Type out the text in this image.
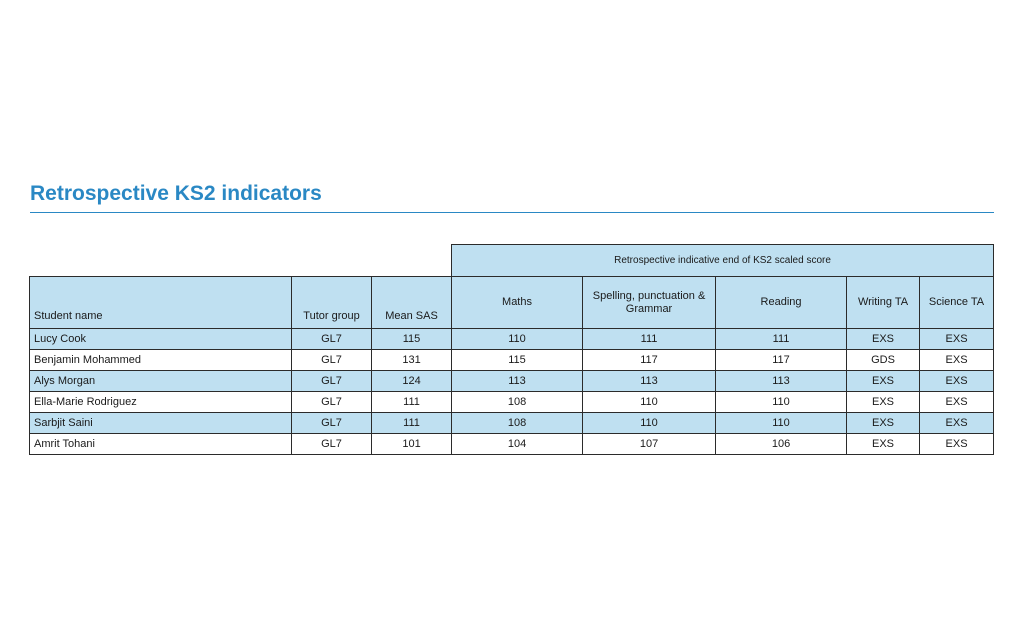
Retrospective KS2 indicators
			Retrospective indicative end of KS2 scaled score				
Student name	Tutor group	Mean SAS	Maths	Spelling, punctuation & Grammar	Reading	Writing TA	Science TA
Lucy Cook	GL7	115	110	111	111	EXS	EXS
Benjamin Mohammed	GL7	131	115	117	117	GDS	EXS
Alys Morgan	GL7	124	113	113	113	EXS	EXS
Ella-Marie Rodriguez	GL7	111	108	110	110	EXS	EXS
Sarbjit Saini	GL7	111	108	110	110	EXS	EXS
Amrit Tohani	GL7	101	104	107	106	EXS	EXS
